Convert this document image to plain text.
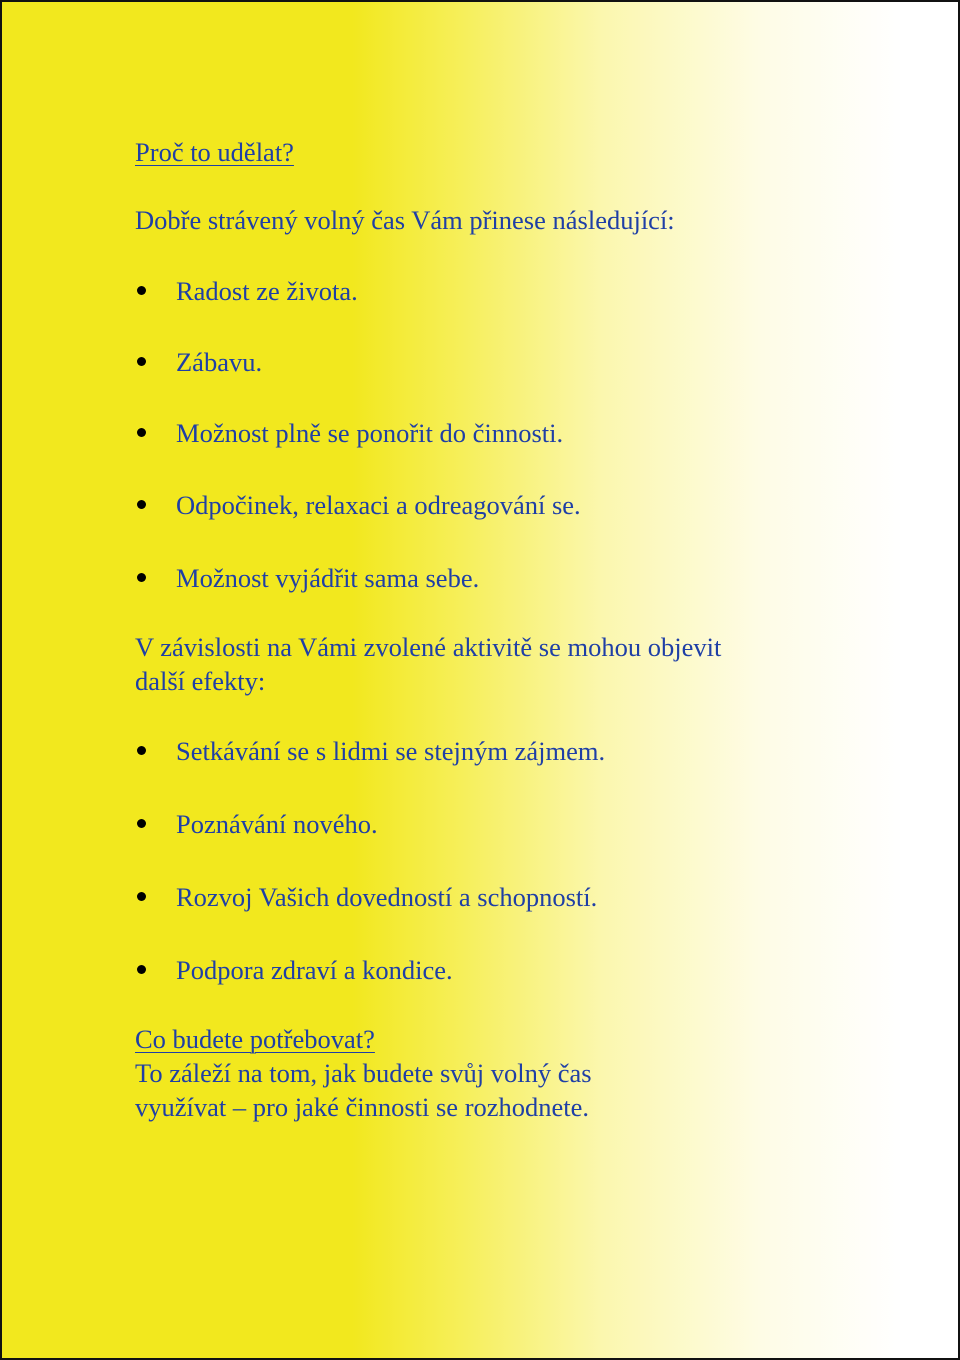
Proč to udělat?
Dobře strávený volný čas Vám přinese následující:
Radost ze života.
Zábavu.
Možnost plně se ponořit do činnosti.
Odpočinek, relaxaci a odreagování se.
Možnost vyjádřit sama sebe.
V závislosti na Vámi zvolené aktivitě se mohou objevit
další efekty:
Setkávání se s lidmi se stejným zájmem.
Poznávání nového.
Rozvoj Vašich dovedností a schopností.
Podpora zdraví a kondice.
Co budete potřebovat?
To záleží na tom, jak budete svůj volný čas
využívat – pro jaké činnosti se rozhodnete.
